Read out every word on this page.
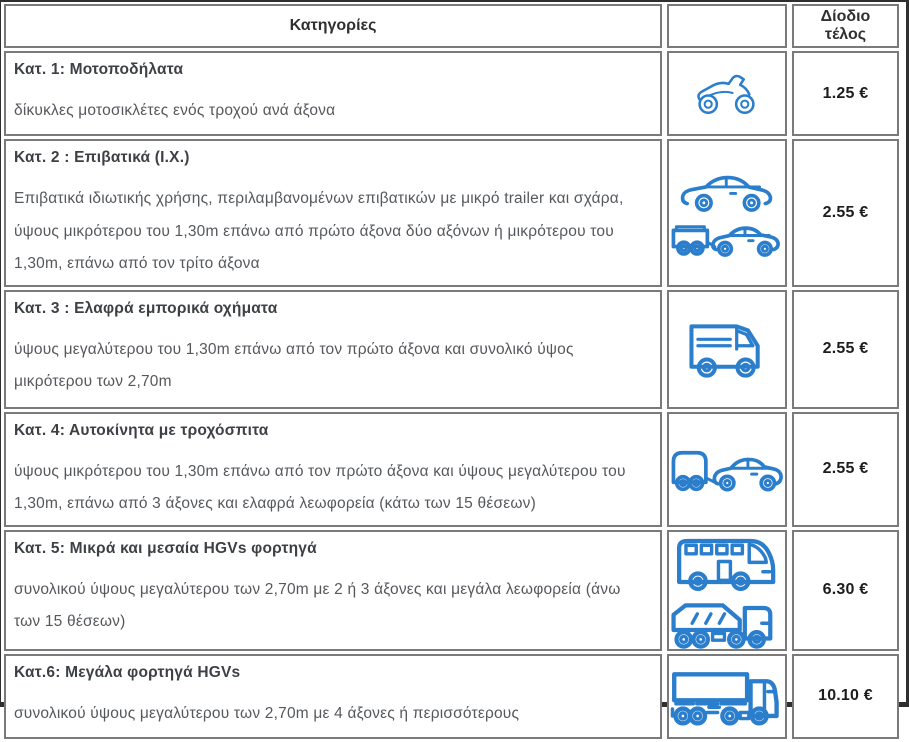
Κατηγορίες		Δίοδιο τέλος

Κατ. 1: Μοτοποδήλατα
δίκυκλες μοτοσικλέτες ενός τροχού ανά άξονα		1.25 €

Κατ. 2 : Επιβατικά (Ι.Χ.)
Επιβατικά ιδιωτικής χρήσης, περιλαμβανομένων επιβατικών με μικρό trailer και σχάρα, ύψους μικρότερου του 1,30m επάνω από πρώτο άξονα δύο αξόνων ή μικρότερου του 1,30m, επάνω από τον τρίτο άξονα		2.55 €

Κατ. 3 : Ελαφρά εμπορικά οχήματα
ύψους μεγαλύτερου του 1,30m επάνω από τον πρώτο άξονα και συνολικό ύψος μικρότερου των 2,70m		2.55 €

Κατ. 4: Αυτοκίνητα με τροχόσπιτα
ύψους μικρότερου του 1,30m επάνω από τον πρώτο άξονα και ύψους μεγαλύτερου του 1,30m, επάνω από 3 άξονες και ελαφρά λεωφορεία (κάτω των 15 θέσεων)		2.55 €

Κατ. 5: Μικρά και μεσαία HGVs φορτηγά
συνολικού ύψους μεγαλύτερου των 2,70m με 2 ή 3 άξονες και μεγάλα λεωφορεία (άνω των 15 θέσεων)		6.30 €

Κατ.6: Μεγάλα φορτηγά HGVs
συνολικού ύψους μεγαλύτερου των 2,70m με 4 άξονες ή περισσότερους		10.10 €
